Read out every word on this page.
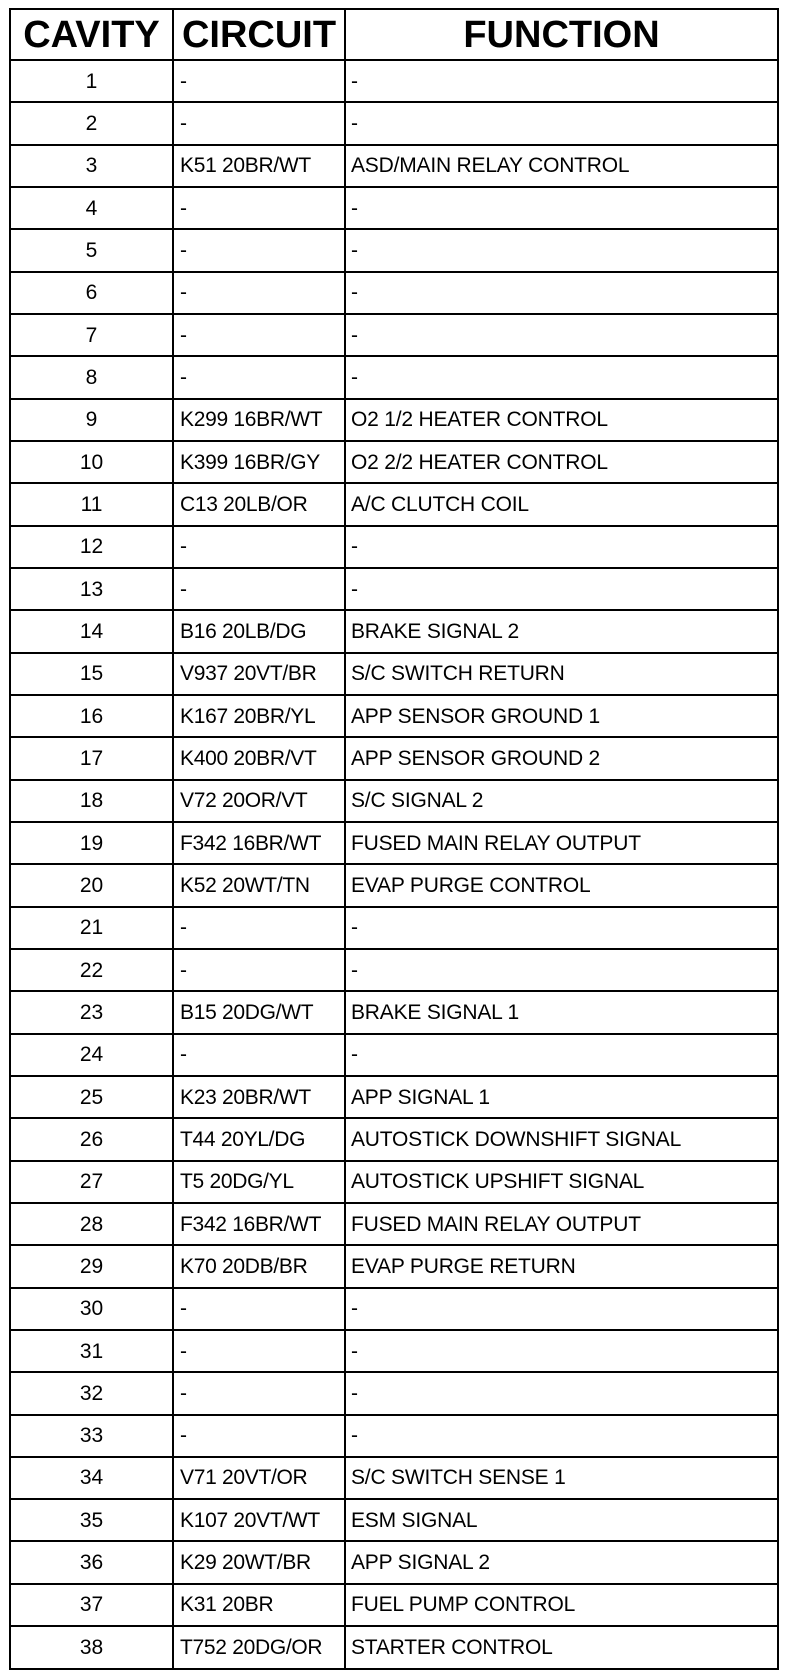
CAVITY	CIRCUIT	FUNCTION
1	-	-
2	-	-
3	K51 20BR/WT	ASD/MAIN RELAY CONTROL
4	-	-
5	-	-
6	-	-
7	-	-
8	-	-
9	K299 16BR/WT	O2 1/2 HEATER CONTROL
10	K399 16BR/GY	O2 2/2 HEATER CONTROL
11	C13 20LB/OR	A/C CLUTCH COIL
12	-	-
13	-	-
14	B16 20LB/DG	BRAKE SIGNAL 2
15	V937 20VT/BR	S/C SWITCH RETURN
16	K167 20BR/YL	APP SENSOR GROUND 1
17	K400 20BR/VT	APP SENSOR GROUND 2
18	V72 20OR/VT	S/C SIGNAL 2
19	F342 16BR/WT	FUSED MAIN RELAY OUTPUT
20	K52 20WT/TN	EVAP PURGE CONTROL
21	-	-
22	-	-
23	B15 20DG/WT	BRAKE SIGNAL 1
24	-	-
25	K23 20BR/WT	APP SIGNAL 1
26	T44 20YL/DG	AUTOSTICK DOWNSHIFT SIGNAL
27	T5 20DG/YL	AUTOSTICK UPSHIFT SIGNAL
28	F342 16BR/WT	FUSED MAIN RELAY OUTPUT
29	K70 20DB/BR	EVAP PURGE RETURN
30	-	-
31	-	-
32	-	-
33	-	-
34	V71 20VT/OR	S/C SWITCH SENSE 1
35	K107 20VT/WT	ESM SIGNAL
36	K29 20WT/BR	APP SIGNAL 2
37	K31 20BR	FUEL PUMP CONTROL
38	T752 20DG/OR	STARTER CONTROL
